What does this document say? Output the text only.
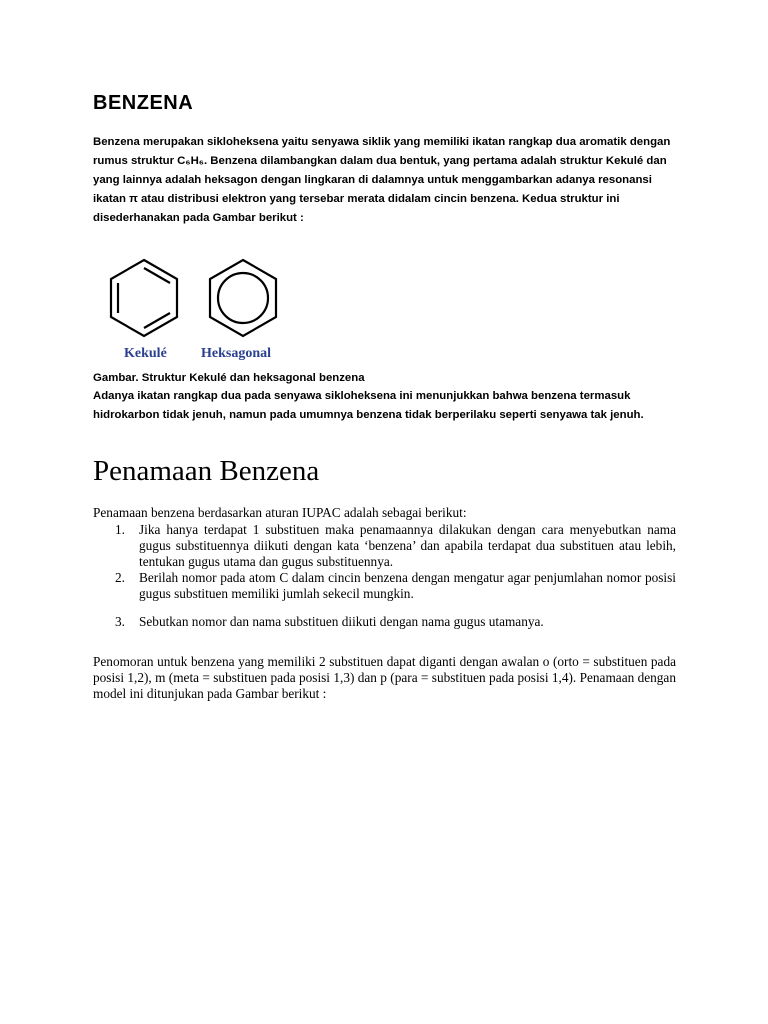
BENZENA
Benzena merupakan sikloheksena yaitu senyawa siklik yang memiliki ikatan rangkap dua aromatik dengan rumus struktur C₆H₆. Benzena dilambangkan dalam dua bentuk, yang pertama adalah struktur Kekulé dan yang lainnya adalah heksagon dengan lingkaran di dalamnya untuk menggambarkan adanya resonansi ikatan π atau distribusi elektron yang tersebar merata didalam cincin benzena. Kedua struktur ini disederhanakan pada Gambar berikut :
Kekulé Heksagonal
Gambar. Struktur Kekulé dan heksagonal benzena
Adanya ikatan rangkap dua pada senyawa sikloheksena ini menunjukkan bahwa benzena termasuk hidrokarbon tidak jenuh, namun pada umumnya benzena tidak berperilaku seperti senyawa tak jenuh.
Penamaan Benzena
Penamaan benzena berdasarkan aturan IUPAC adalah sebagai berikut:
1.	Jika hanya terdapat 1 substituen maka penamaannya dilakukan dengan cara menyebutkan nama gugus substituennya diikuti dengan kata ‘benzena’ dan apabila terdapat dua substituen atau lebih, tentukan gugus utama dan gugus substituennya.
2.	Berilah nomor pada atom C dalam cincin benzena dengan mengatur agar penjumlahan nomor posisi gugus substituen memiliki jumlah sekecil mungkin.
3.	Sebutkan nomor dan nama substituen diikuti dengan nama gugus utamanya.
Penomoran untuk benzena yang memiliki 2 substituen dapat diganti dengan awalan o (orto = substituen pada posisi 1,2), m (meta = substituen pada posisi 1,3) dan p (para = substituen pada posisi 1,4). Penamaan dengan model ini ditunjukan pada Gambar berikut :
